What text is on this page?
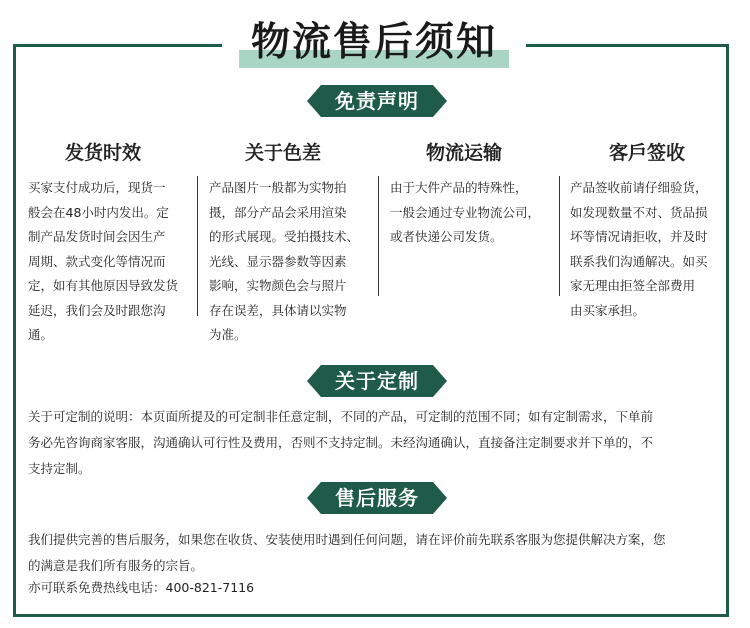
物流售后须知
免责声明
发货时效	关于色差	物流运输	客戶签收
买家支付成功后，现货一
般会在48小时内发出。定
制产品发货时间会因生产
周期、款式变化等情况而
定，如有其他原因导致发货
延迟，我们会及时跟您沟
通。
产品图片一般都为实物拍
摄，部分产品会采用渲染
的形式展现。受拍摄技术、
光线、显示器参数等因素
影响，实物颜色会与照片
存在误差，具体请以实物
为准。
由于大件产品的特殊性，
一般会通过专业物流公司，
或者快递公司发货。
产品签收前请仔细验货，
如发现数量不对、货品损
坏等情况请拒收，并及时
联系我们沟通解决。如买
家无理由拒签全部费用
由买家承担。
关于定制
关于可定制的说明：本页面所提及的可定制非任意定制，不同的产品，可定制的范围不同；如有定制需求，下单前
务必先咨询商家客服，沟通确认可行性及费用，否则不支持定制。未经沟通确认，直接备注定制要求并下单的，不
支持定制。
售后服务
我们提供完善的售后服务，如果您在收货、安装使用时遇到任何问题，请在评价前先联系客服为您提供解决方案，您
的满意是我们所有服务的宗旨。
亦可联系免费热线电话：400-821-7116
